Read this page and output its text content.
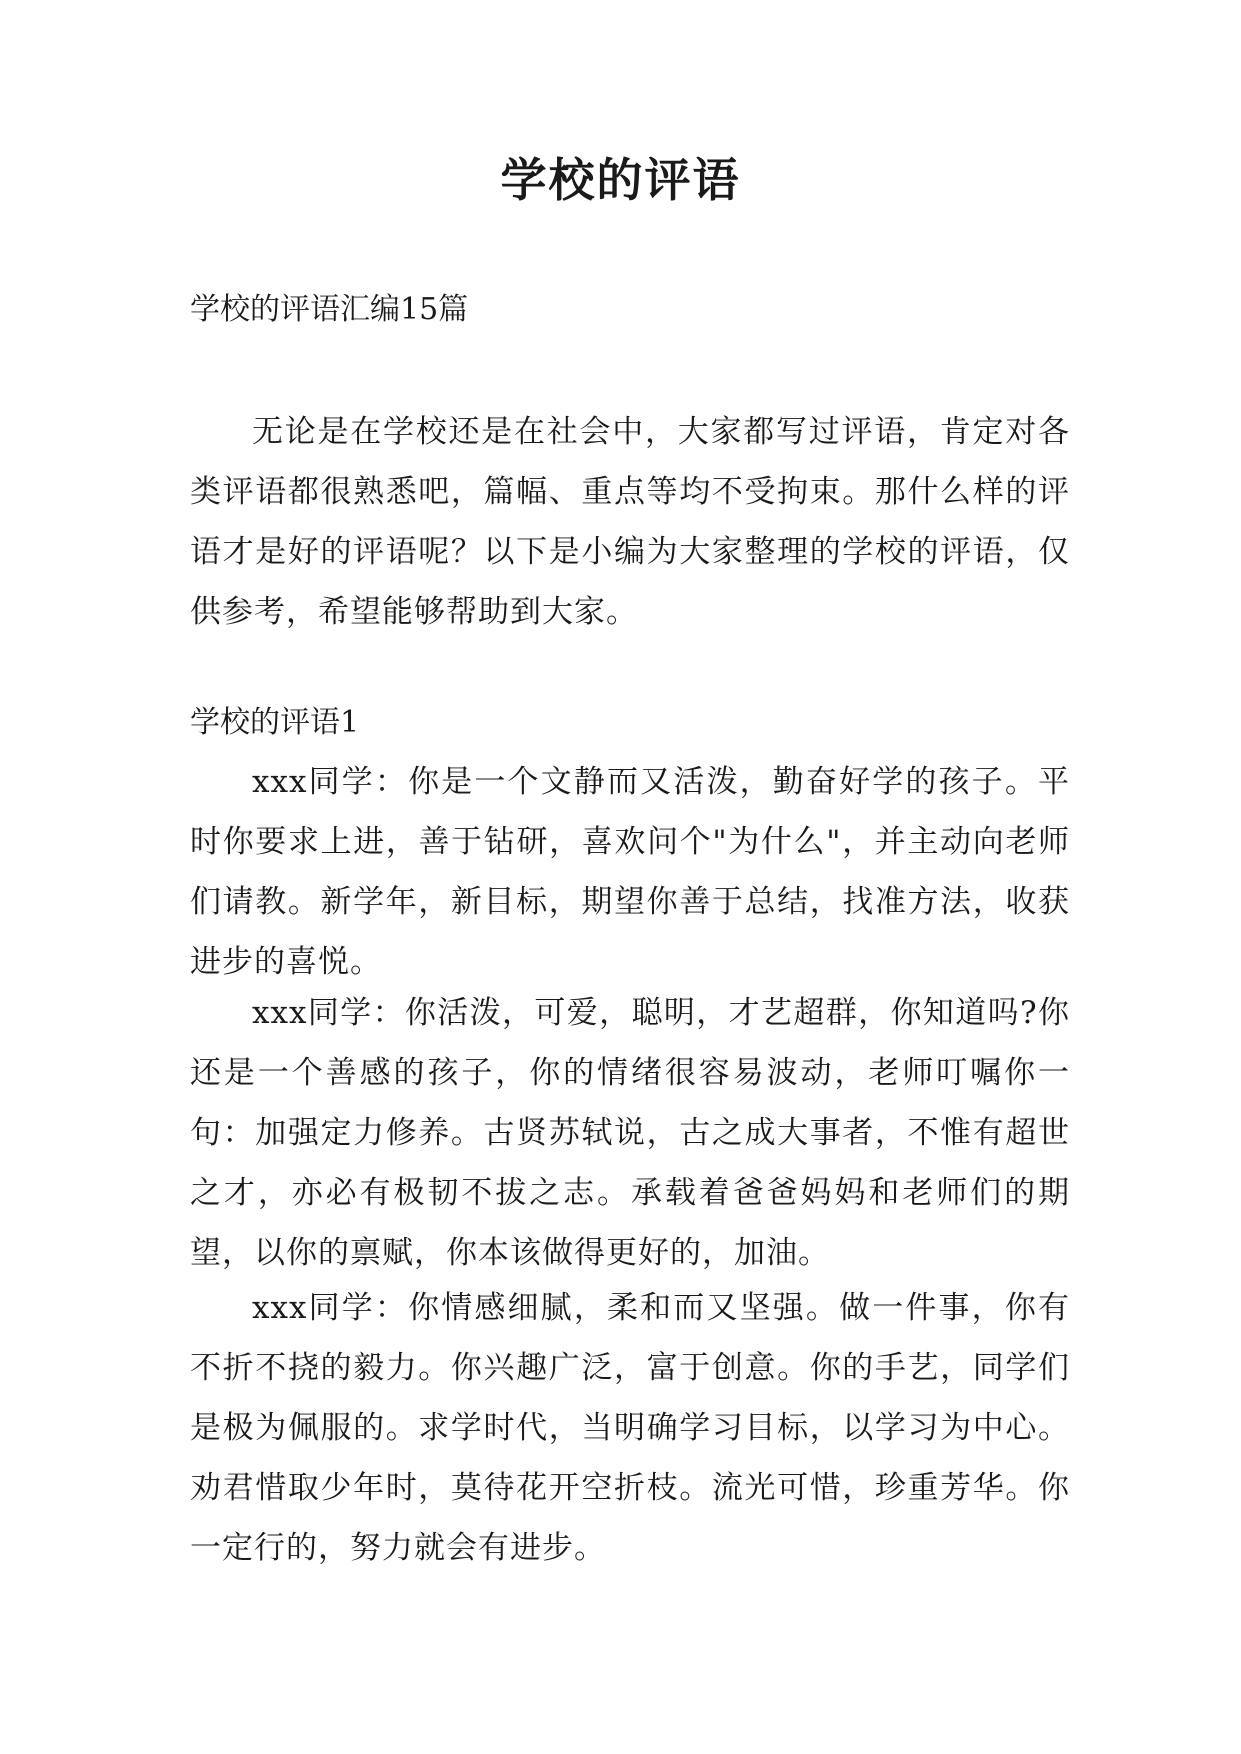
学校的评语
学校的评语汇编15篇

无论是在学校还是在社会中，大家都写过评语，肯定对各类评语都很熟悉吧，篇幅、重点等均不受拘束。那什么样的评语才是好的评语呢？以下是小编为大家整理的学校的评语，仅供参考，希望能够帮助到大家。

学校的评语1

xxx同学：你是一个文静而又活泼，勤奋好学的孩子。平时你要求上进，善于钻研，喜欢问个"为什么"，并主动向老师们请教。新学年，新目标，期望你善于总结，找准方法，收获进步的喜悦。

xxx同学：你活泼，可爱，聪明，才艺超群，你知道吗?你还是一个善感的孩子，你的情绪很容易波动，老师叮嘱你一句：加强定力修养。古贤苏轼说，古之成大事者，不惟有超世之才，亦必有极韧不拔之志。承载着爸爸妈妈和老师们的期望，以你的禀赋，你本该做得更好的，加油。

xxx同学：你情感细腻，柔和而又坚强。做一件事，你有不折不挠的毅力。你兴趣广泛，富于创意。你的手艺，同学们是极为佩服的。求学时代，当明确学习目标，以学习为中心。劝君惜取少年时，莫待花开空折枝。流光可惜，珍重芳华。你一定行的，努力就会有进步。
